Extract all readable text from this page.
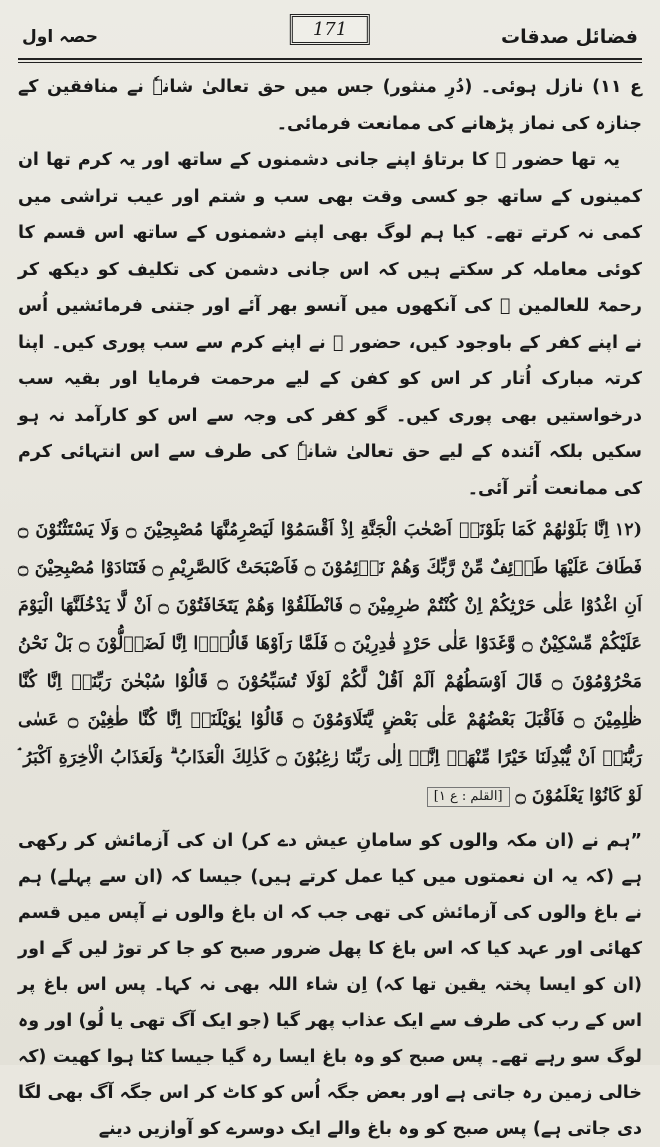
فضائل صدقات
171
حصہ اول

ع ۱۱) نازل ہوئی۔ (دُرِ منثور) جس میں حق تعالیٰ شانہٗ نے منافقین کے جنازہ کی نماز پڑھانے کی ممانعت فرمائی۔

یہ تھا حضور ﷺ کا برتاؤ اپنے جانی دشمنوں کے ساتھ اور یہ کرم تھا ان کمینوں کے ساتھ جو کسی وقت بھی سب و شتم اور عیب تراشی میں کمی نہ کرتے تھے۔ کیا ہم لوگ بھی اپنے دشمنوں کے ساتھ اس قسم کا کوئی معاملہ کر سکتے ہیں کہ اس جانی دشمن کی تکلیف کو دیکھ کر رحمۃ للعالمین ﷺ کی آنکھوں میں آنسو بھر آئے اور جتنی فرمائشیں اُس نے اپنے کفر کے باوجود کیں، حضور ﷺ نے اپنے کرم سے سب پوری کیں۔ اپنا کرتہ مبارک اُتار کر اس کو کفن کے لیے مرحمت فرمایا اور بقیہ سب درخواستیں بھی پوری کیں۔ گو کفر کی وجہ سے اس کو کارآمد نہ ہو سکیں بلکہ آئندہ کے لیے حق تعالیٰ شانہٗ کی طرف سے اس انتہائی کرم کی ممانعت اُتر آئی۔

(۱۲اِنَّا بَلَوْنٰهُمْ كَمَا بَلَوْنَاۤ اَصْحٰبَ الْجَنَّةِ اِذْ اَقْسَمُوْا لَيَصْرِمُنَّهَا مُصْبِحِيْنَ ۝ وَلَا يَسْتَثْنُوْنَ ۝ فَطَافَ عَلَيْهَا طَاۤئِفٌ مِّنْ رَّبِّكَ وَهُمْ نَاۤئِمُوْنَ ۝ فَاَصْبَحَتْ كَالصَّرِيْمِ ۝ فَتَنَادَوْا مُصْبِحِيْنَ ۝ اَنِ اغْدُوْا عَلٰى حَرْثِكُمْ اِنْ كُنْتُمْ صٰرِمِيْنَ ۝ فَانْطَلَقُوْا وَهُمْ يَتَخَافَتُوْنَ ۝ اَنْ لَّا يَدْخُلَنَّهَا الْيَوْمَ عَلَيْكُمْ مِّسْكِيْنٌ ۝ وَّغَدَوْا عَلٰى حَرْدٍ قٰدِرِيْنَ ۝ فَلَمَّا رَاَوْهَا قَالُوْۤا اِنَّا لَضَاۤلُّوْنَ ۝ بَلْ نَحْنُ مَحْرُوْمُوْنَ ۝ قَالَ اَوْسَطُهُمْ اَلَمْ اَقُلْ لَّكُمْ لَوْلَا تُسَبِّحُوْنَ ۝ قَالُوْا سُبْحٰنَ رَبِّنَاۤ اِنَّا كُنَّا ظٰلِمِيْنَ ۝ فَاَقْبَلَ بَعْضُهُمْ عَلٰى بَعْضٍ يَّتَلَاوَمُوْنَ ۝ قَالُوْا يٰوَيْلَنَاۤ اِنَّا كُنَّا طٰغِيْنَ ۝ عَسٰى رَبُّنَاۤ اَنْ يُّبْدِلَنَا خَيْرًا مِّنْهَاۤ اِنَّاۤ اِلٰى رَبِّنَا رٰغِبُوْنَ ۝ كَذٰلِكَ الْعَذَابُ ۗ وَلَعَذَابُ الْاٰخِرَةِ اَكْبَرُ ۘ لَوْ كَانُوْا يَعْلَمُوْنَ ۝[القلم : ع ۱]

”ہم نے (ان مکہ والوں کو سامانِ عیش دے کر) ان کی آزمائش کر رکھی ہے (کہ یہ ان نعمتوں میں کیا عمل کرتے ہیں) جیسا کہ (ان سے پہلے) ہم نے باغ والوں کی آزمائش کی تھی جب کہ ان باغ والوں نے آپس میں قسم کھائی اور عہد کیا کہ اس باغ کا پھل ضرور صبح کو جا کر توڑ لیں گے اور (ان کو ایسا پختہ یقین تھا کہ) اِن شاء اللہ بھی نہ کہا۔ پس اس باغ پر اس کے رب کی طرف سے ایک عذاب پھر گیا (جو ایک آگ تھی یا لُو) اور وہ لوگ سو رہے تھے۔ پس صبح کو وہ باغ ایسا رہ گیا جیسا کٹا ہوا کھیت (کہ خالی زمین رہ جاتی ہے اور بعض جگہ اُس کو کاٹ کر اس جگہ آگ بھی لگا دی جاتی ہے) پس صبح کو وہ باغ والے ایک دوسرے کو آوازیں دینے
